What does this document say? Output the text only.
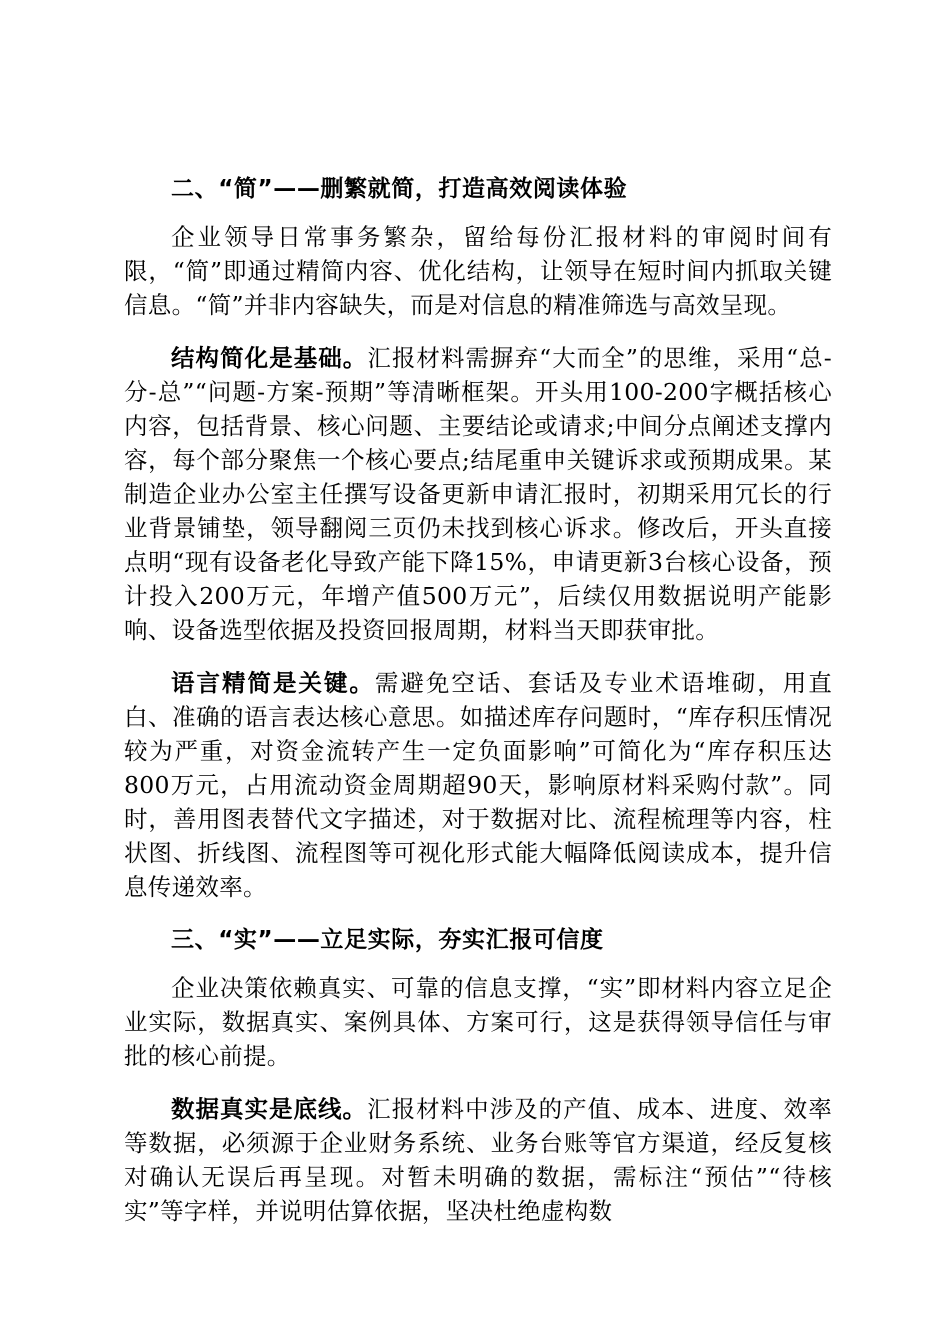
二、“简”——删繁就简，打造高效阅读体验

企业领导日常事务繁杂，留给每份汇报材料的审阅时间有限，“简”即通过精简内容、优化结构，让领导在短时间内抓取关键信息。“简”并非内容缺失，而是对信息的精准筛选与高效呈现。

结构简化是基础。汇报材料需摒弃“大而全”的思维，采用“总-分-总”“问题-方案-预期”等清晰框架。开头用100-200字概括核心内容，包括背景、核心问题、主要结论或请求;中间分点阐述支撑内容，每个部分聚焦一个核心要点;结尾重申关键诉求或预期成果。某制造企业办公室主任撰写设备更新申请汇报时，初期采用冗长的行业背景铺垫，领导翻阅三页仍未找到核心诉求。修改后，开头直接点明“现有设备老化导致产能下降15%，申请更新3台核心设备，预计投入200万元，年增产值500万元”，后续仅用数据说明产能影响、设备选型依据及投资回报周期，材料当天即获审批。

语言精简是关键。需避免空话、套话及专业术语堆砌，用直白、准确的语言表达核心意思。如描述库存问题时，“库存积压情况较为严重，对资金流转产生一定负面影响”可简化为“库存积压达800万元，占用流动资金周期超90天，影响原材料采购付款”。同时，善用图表替代文字描述，对于数据对比、流程梳理等内容，柱状图、折线图、流程图等可视化形式能大幅降低阅读成本，提升信息传递效率。

三、“实”——立足实际，夯实汇报可信度

企业决策依赖真实、可靠的信息支撑，“实”即材料内容立足企业实际，数据真实、案例具体、方案可行，这是获得领导信任与审批的核心前提。

数据真实是底线。汇报材料中涉及的产值、成本、进度、效率等数据，必须源于企业财务系统、业务台账等官方渠道，经反复核对确认无误后再呈现。对暂未明确的数据，需标注“预估”“待核实”等字样，并说明估算依据，坚决杜绝虚构数
